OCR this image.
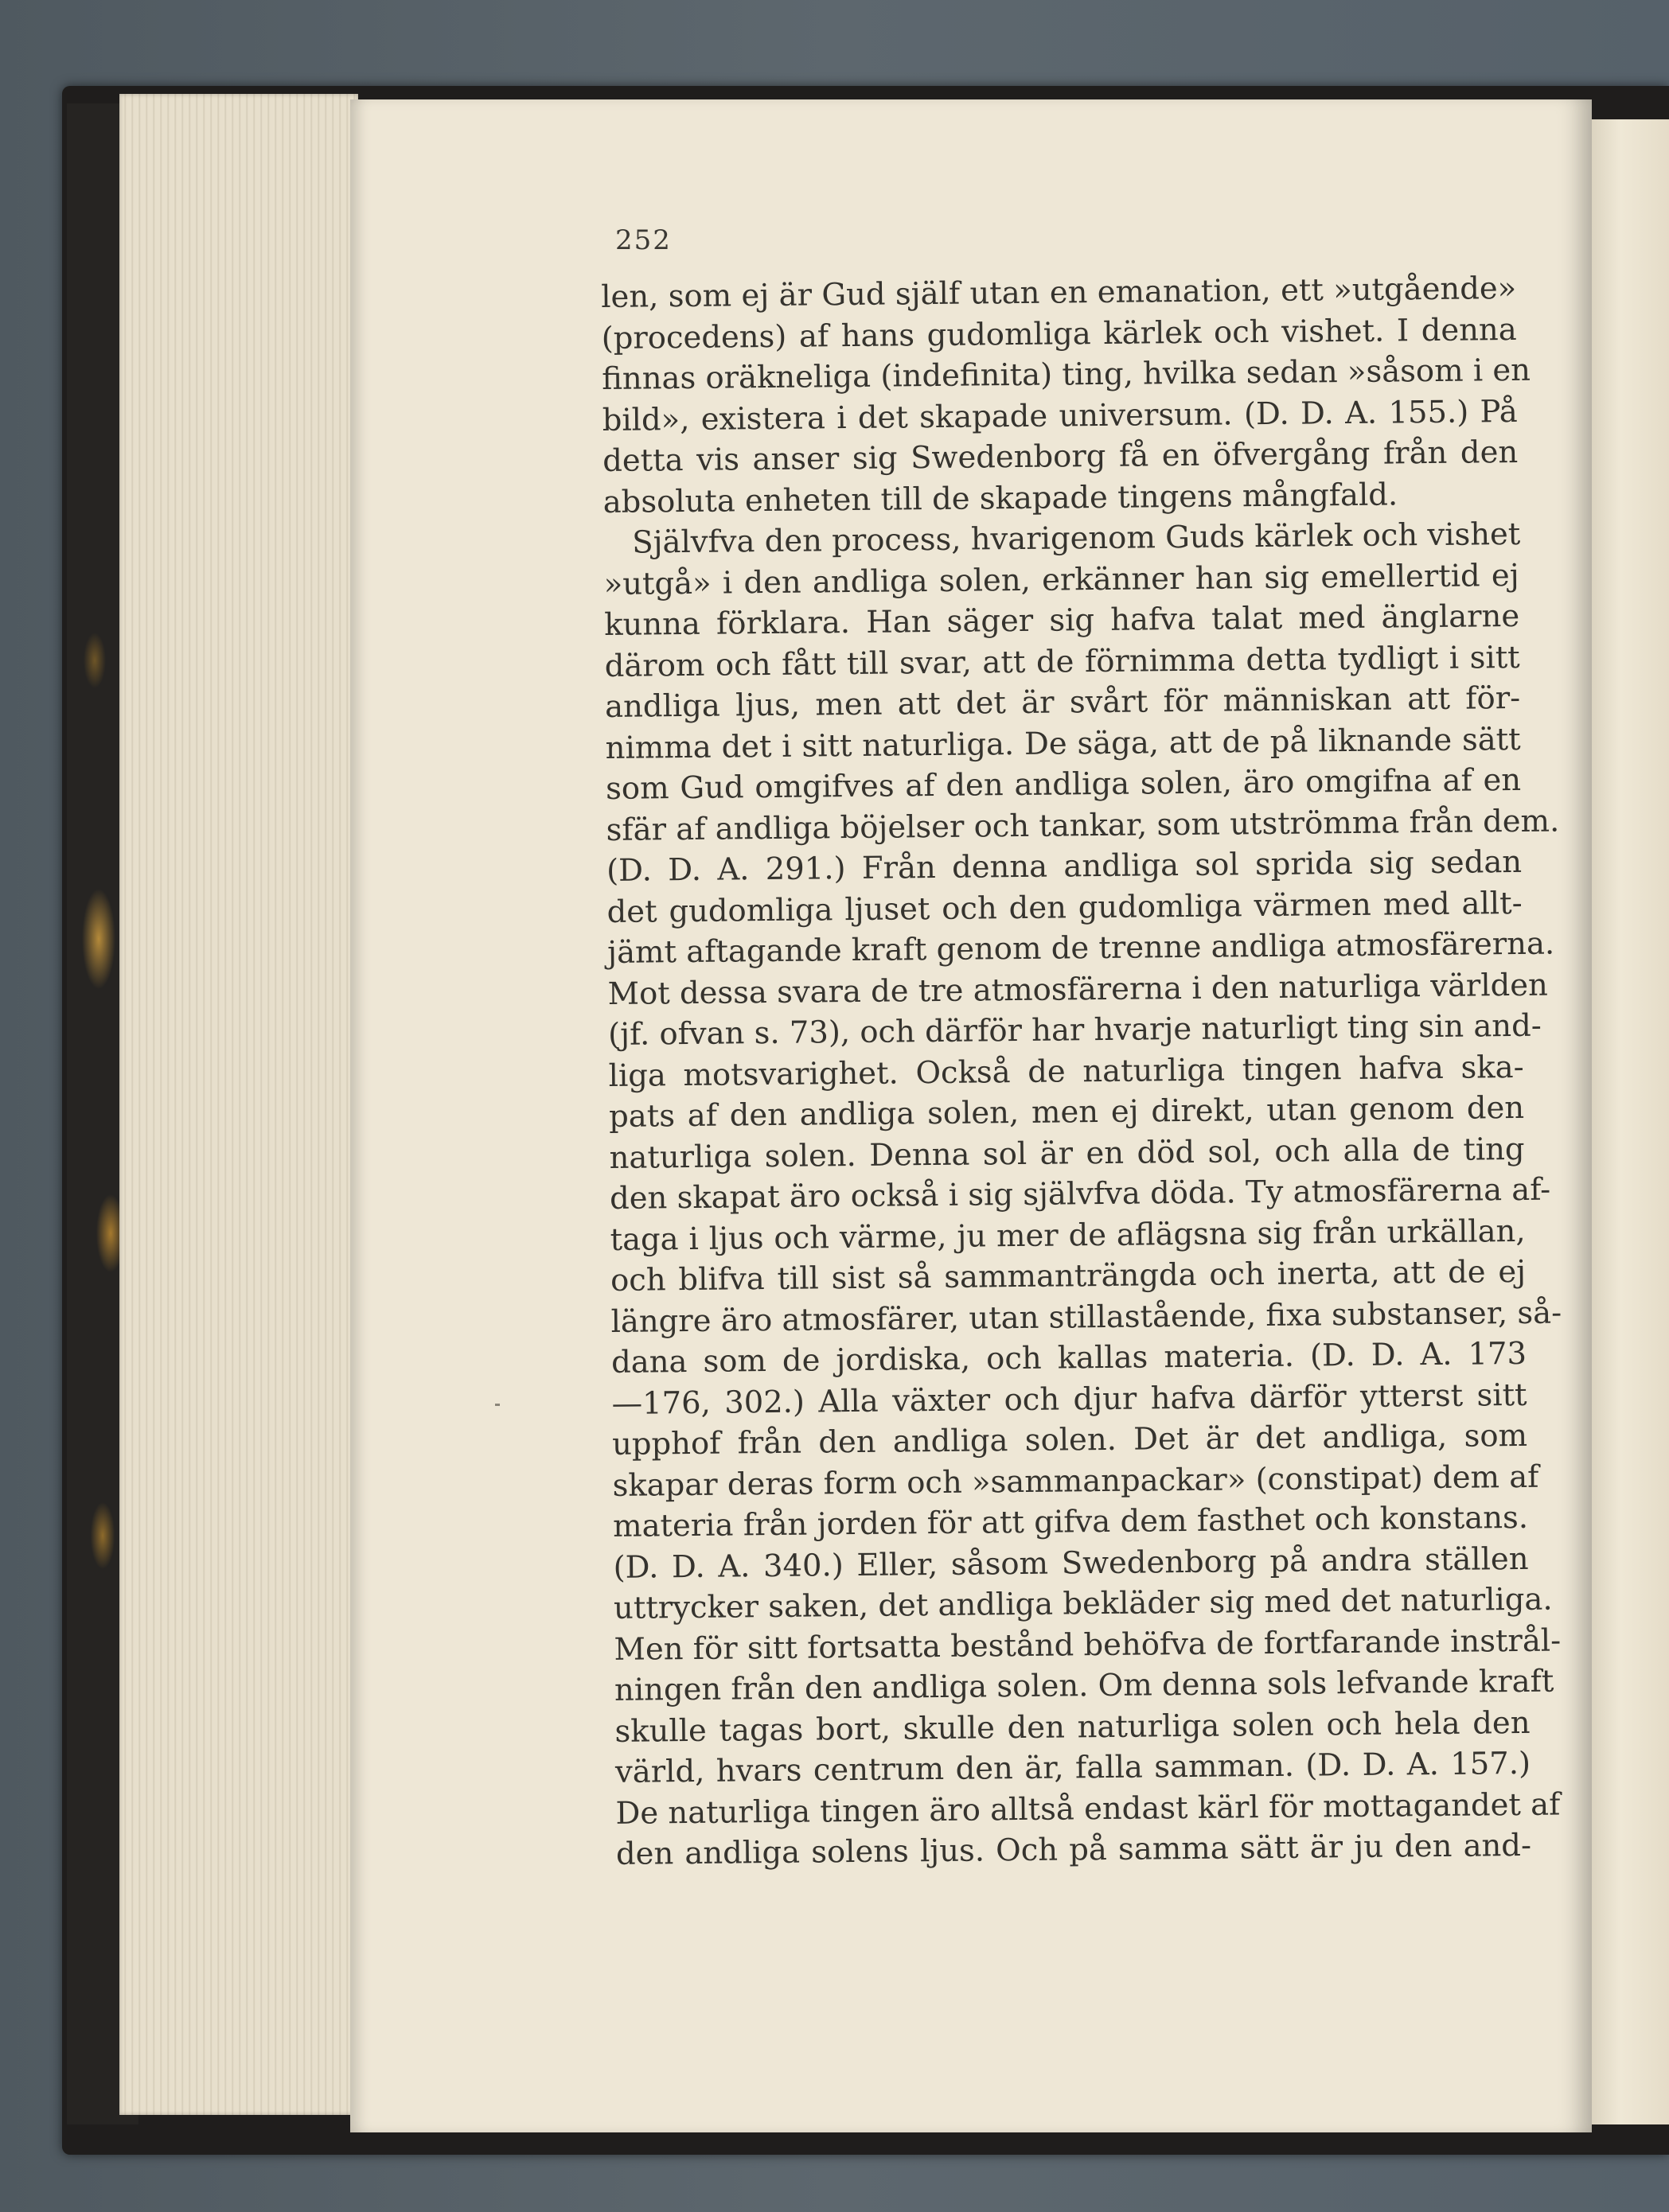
252
len, som ej är Gud själf utan en emanation, ett »utgående»
(procedens) af hans gudomliga kärlek och vishet. I denna
finnas oräkneliga (indefinita) ting, hvilka sedan »såsom i en
bild», existera i det skapade universum. (D. D. A. 155.) På
detta vis anser sig Swedenborg få en öfvergång från den
absoluta enheten till de skapade tingens mångfald.
Självfva den process, hvarigenom Guds kärlek och vishet
»utgå» i den andliga solen, erkänner han sig emellertid ej
kunna förklara. Han säger sig hafva talat med änglarne
därom och fått till svar, att de förnimma detta tydligt i sitt
andliga ljus, men att det är svårt för människan att för-
nimma det i sitt naturliga. De säga, att de på liknande sätt
som Gud omgifves af den andliga solen, äro omgifna af en
sfär af andliga böjelser och tankar, som utströmma från dem.
(D. D. A. 291.) Från denna andliga sol sprida sig sedan
det gudomliga ljuset och den gudomliga värmen med allt-
jämt aftagande kraft genom de trenne andliga atmosfärerna.
Mot dessa svara de tre atmosfärerna i den naturliga världen
(jf. ofvan s. 73), och därför har hvarje naturligt ting sin and-
liga motsvarighet. Också de naturliga tingen hafva ska-
pats af den andliga solen, men ej direkt, utan genom den
naturliga solen. Denna sol är en död sol, och alla de ting
den skapat äro också i sig självfva döda. Ty atmosfärerna af-
taga i ljus och värme, ju mer de aflägsna sig från urkällan,
och blifva till sist så sammanträngda och inerta, att de ej
längre äro atmosfärer, utan stillastående, fixa substanser, så-
dana som de jordiska, och kallas materia. (D. D. A. 173
—176, 302.) Alla växter och djur hafva därför ytterst sitt
upphof från den andliga solen. Det är det andliga, som
skapar deras form och »sammanpackar» (constipat) dem af
materia från jorden för att gifva dem fasthet och konstans.
(D. D. A. 340.) Eller, såsom Swedenborg på andra ställen
uttrycker saken, det andliga bekläder sig med det naturliga.
Men för sitt fortsatta bestånd behöfva de fortfarande instrål-
ningen från den andliga solen. Om denna sols lefvande kraft
skulle tagas bort, skulle den naturliga solen och hela den
värld, hvars centrum den är, falla samman. (D. D. A. 157.)
De naturliga tingen äro alltså endast kärl för mottagandet af
den andliga solens ljus. Och på samma sätt är ju den and-
